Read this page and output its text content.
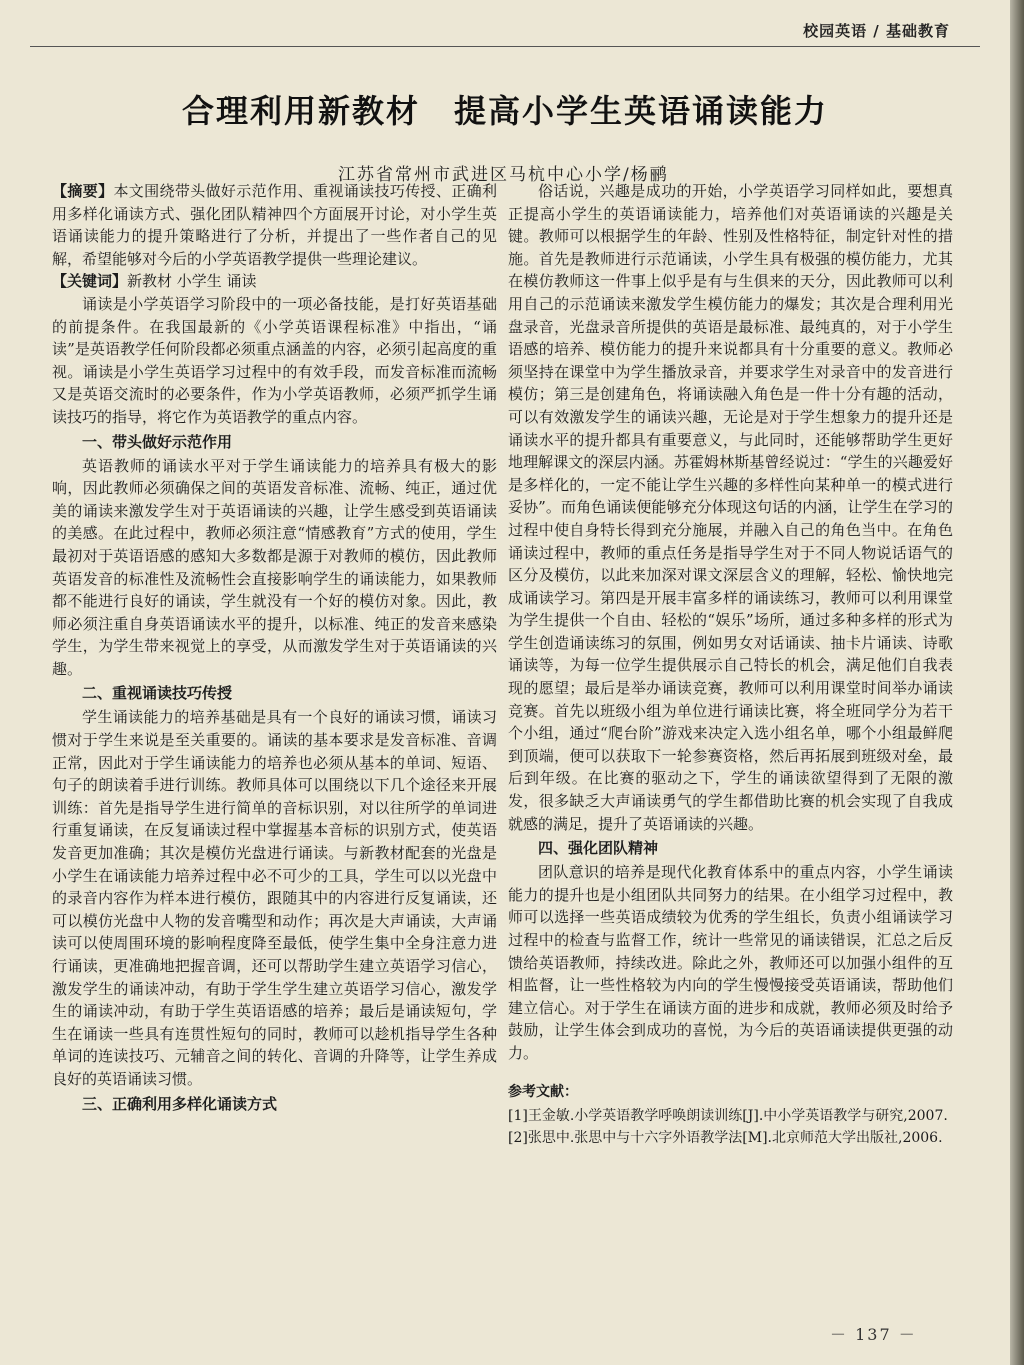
校园英语 / 基础教育
合理利用新教材　提高小学生英语诵读能力
江苏省常州市武进区马杭中心小学/杨鹂

【摘要】本文围绕带头做好示范作用、重视诵读技巧传授、正确利用多样化诵读方式、强化团队精神四个方面展开讨论，对小学生英语诵读能力的提升策略进行了分析，并提出了一些作者自己的见解，希望能够对今后的小学英语教学提供一些理论建议。

【关键词】新教材 小学生 诵读

诵读是小学英语学习阶段中的一项必备技能，是打好英语基础的前提条件。在我国最新的《小学英语课程标准》中指出，“诵读”是英语教学任何阶段都必须重点涵盖的内容，必须引起高度的重视。诵读是小学生英语学习过程中的有效手段，而发音标准而流畅又是英语交流时的必要条件，作为小学英语教师，必须严抓学生诵读技巧的指导，将它作为英语教学的重点内容。

一、带头做好示范作用

英语教师的诵读水平对于学生诵读能力的培养具有极大的影响，因此教师必须确保之间的英语发音标准、流畅、纯正，通过优美的诵读来激发学生对于英语诵读的兴趣，让学生感受到英语诵读的美感。在此过程中，教师必须注意“情感教育”方式的使用，学生最初对于英语语感的感知大多数都是源于对教师的模仿，因此教师英语发音的标准性及流畅性会直接影响学生的诵读能力，如果教师都不能进行良好的诵读，学生就没有一个好的模仿对象。因此，教师必须注重自身英语诵读水平的提升，以标准、纯正的发音来感染学生，为学生带来视觉上的享受，从而激发学生对于英语诵读的兴趣。

二、重视诵读技巧传授

学生诵读能力的培养基础是具有一个良好的诵读习惯，诵读习惯对于学生来说是至关重要的。诵读的基本要求是发音标准、音调正常，因此对于学生诵读能力的培养也必须从基本的单词、短语、句子的朗读着手进行训练。教师具体可以围绕以下几个途径来开展训练：首先是指导学生进行简单的音标识别，对以往所学的单词进行重复诵读，在反复诵读过程中掌握基本音标的识别方式，使英语发音更加准确；其次是模仿光盘进行诵读。与新教材配套的光盘是小学生在诵读能力培养过程中必不可少的工具，学生可以以光盘中的录音内容作为样本进行模仿，跟随其中的内容进行反复诵读，还可以模仿光盘中人物的发音嘴型和动作；再次是大声诵读，大声诵读可以使周围环境的影响程度降至最低，使学生集中全身注意力进行诵读，更准确地把握音调，还可以帮助学生建立英语学习信心，激发学生的诵读冲动，有助于学生学生建立英语学习信心，激发学生的诵读冲动，有助于学生英语语感的培养；最后是诵读短句，学生在诵读一些具有连贯性短句的同时，教师可以趁机指导学生各种单词的连读技巧、元辅音之间的转化、音调的升降等，让学生养成良好的英语诵读习惯。

三、正确利用多样化诵读方式

俗话说，兴趣是成功的开始，小学英语学习同样如此，要想真正提高小学生的英语诵读能力，培养他们对英语诵读的兴趣是关键。教师可以根据学生的年龄、性别及性格特征，制定针对性的措施。首先是教师进行示范诵读，小学生具有极强的模仿能力，尤其在模仿教师这一件事上似乎是有与生俱来的天分，因此教师可以利用自己的示范诵读来激发学生模仿能力的爆发；其次是合理利用光盘录音，光盘录音所提供的英语是最标准、最纯真的，对于小学生语感的培养、模仿能力的提升来说都具有十分重要的意义。教师必须坚持在课堂中为学生播放录音，并要求学生对录音中的发音进行模仿；第三是创建角色，将诵读融入角色是一件十分有趣的活动，可以有效激发学生的诵读兴趣，无论是对于学生想象力的提升还是诵读水平的提升都具有重要意义，与此同时，还能够帮助学生更好地理解课文的深层内涵。苏霍姆林斯基曾经说过：“学生的兴趣爱好是多样化的，一定不能让学生兴趣的多样性向某种单一的模式进行妥协”。而角色诵读便能够充分体现这句话的内涵，让学生在学习的过程中使自身特长得到充分施展，并融入自己的角色当中。在角色诵读过程中，教师的重点任务是指导学生对于不同人物说话语气的区分及模仿，以此来加深对课文深层含义的理解，轻松、愉快地完成诵读学习。第四是开展丰富多样的诵读练习，教师可以利用课堂为学生提供一个自由、轻松的“娱乐”场所，通过多种多样的形式为学生创造诵读练习的氛围，例如男女对话诵读、抽卡片诵读、诗歌诵读等，为每一位学生提供展示自己特长的机会，满足他们自我表现的愿望；最后是举办诵读竞赛，教师可以利用课堂时间举办诵读竞赛。首先以班级小组为单位进行诵读比赛，将全班同学分为若干个小组，通过“爬台阶”游戏来决定入选小组名单，哪个小组最鲜爬到顶端，便可以获取下一轮参赛资格，然后再拓展到班级对垒，最后到年级。在比赛的驱动之下，学生的诵读欲望得到了无限的激发，很多缺乏大声诵读勇气的学生都借助比赛的机会实现了自我成就感的满足，提升了英语诵读的兴趣。

四、强化团队精神

团队意识的培养是现代化教育体系中的重点内容，小学生诵读能力的提升也是小组团队共同努力的结果。在小组学习过程中，教师可以选择一些英语成绩较为优秀的学生组长，负责小组诵读学习过程中的检查与监督工作，统计一些常见的诵读错误，汇总之后反馈给英语教师，持续改进。除此之外，教师还可以加强小组件的互相监督，让一些性格较为内向的学生慢慢接受英语诵读，帮助他们建立信心。对于学生在诵读方面的进步和成就，教师必须及时给予鼓励，让学生体会到成功的喜悦，为今后的英语诵读提供更强的动力。

参考文献：

[1]王金敏.小学英语教学呼唤朗读训练[J].中小学英语教学与研究,2007.

[2]张思中.张思中与十六字外语教学法[M].北京师范大学出版社,2006.

－ 137 －
